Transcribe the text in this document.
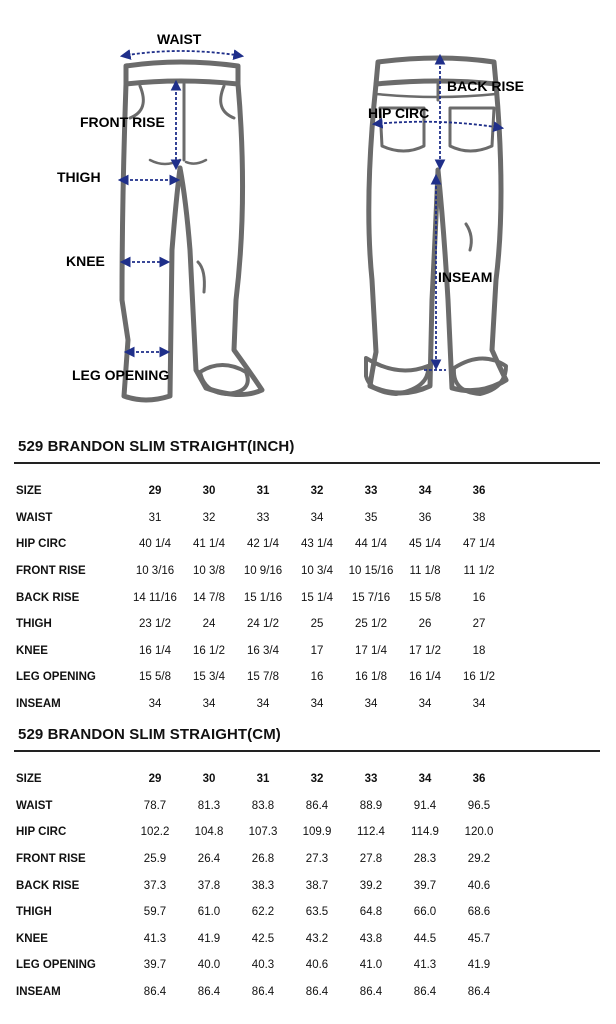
WAIST
FRONT RISE
THIGH
KNEE
LEG OPENING
BACK RISE
HIP CIRC
INSEAM
529 BRANDON SLIM STRAIGHT(INCH)
SIZE	29	30	31	32	33	34	36
WAIST	31	32	33	34	35	36	38
HIP CIRC	40 1/4	41 1/4	42 1/4	43 1/4	44 1/4	45 1/4	47 1/4
FRONT RISE	10 3/16	10 3/8	10 9/16	10 3/4	10 15/16	11 1/8	11 1/2
BACK RISE	14 11/16	14 7/8	15 1/16	15 1/4	15 7/16	15 5/8	16
THIGH	23 1/2	24	24 1/2	25	25 1/2	26	27
KNEE	16 1/4	16 1/2	16 3/4	17	17 1/4	17 1/2	18
LEG OPENING	15 5/8	15 3/4	15 7/8	16	16 1/8	16 1/4	16 1/2
INSEAM	34	34	34	34	34	34	34
529 BRANDON SLIM STRAIGHT(CM)
SIZE	29	30	31	32	33	34	36
WAIST	78.7	81.3	83.8	86.4	88.9	91.4	96.5
HIP CIRC	102.2	104.8	107.3	109.9	112.4	114.9	120.0
FRONT RISE	25.9	26.4	26.8	27.3	27.8	28.3	29.2
BACK RISE	37.3	37.8	38.3	38.7	39.2	39.7	40.6
THIGH	59.7	61.0	62.2	63.5	64.8	66.0	68.6
KNEE	41.3	41.9	42.5	43.2	43.8	44.5	45.7
LEG OPENING	39.7	40.0	40.3	40.6	41.0	41.3	41.9
INSEAM	86.4	86.4	86.4	86.4	86.4	86.4	86.4
